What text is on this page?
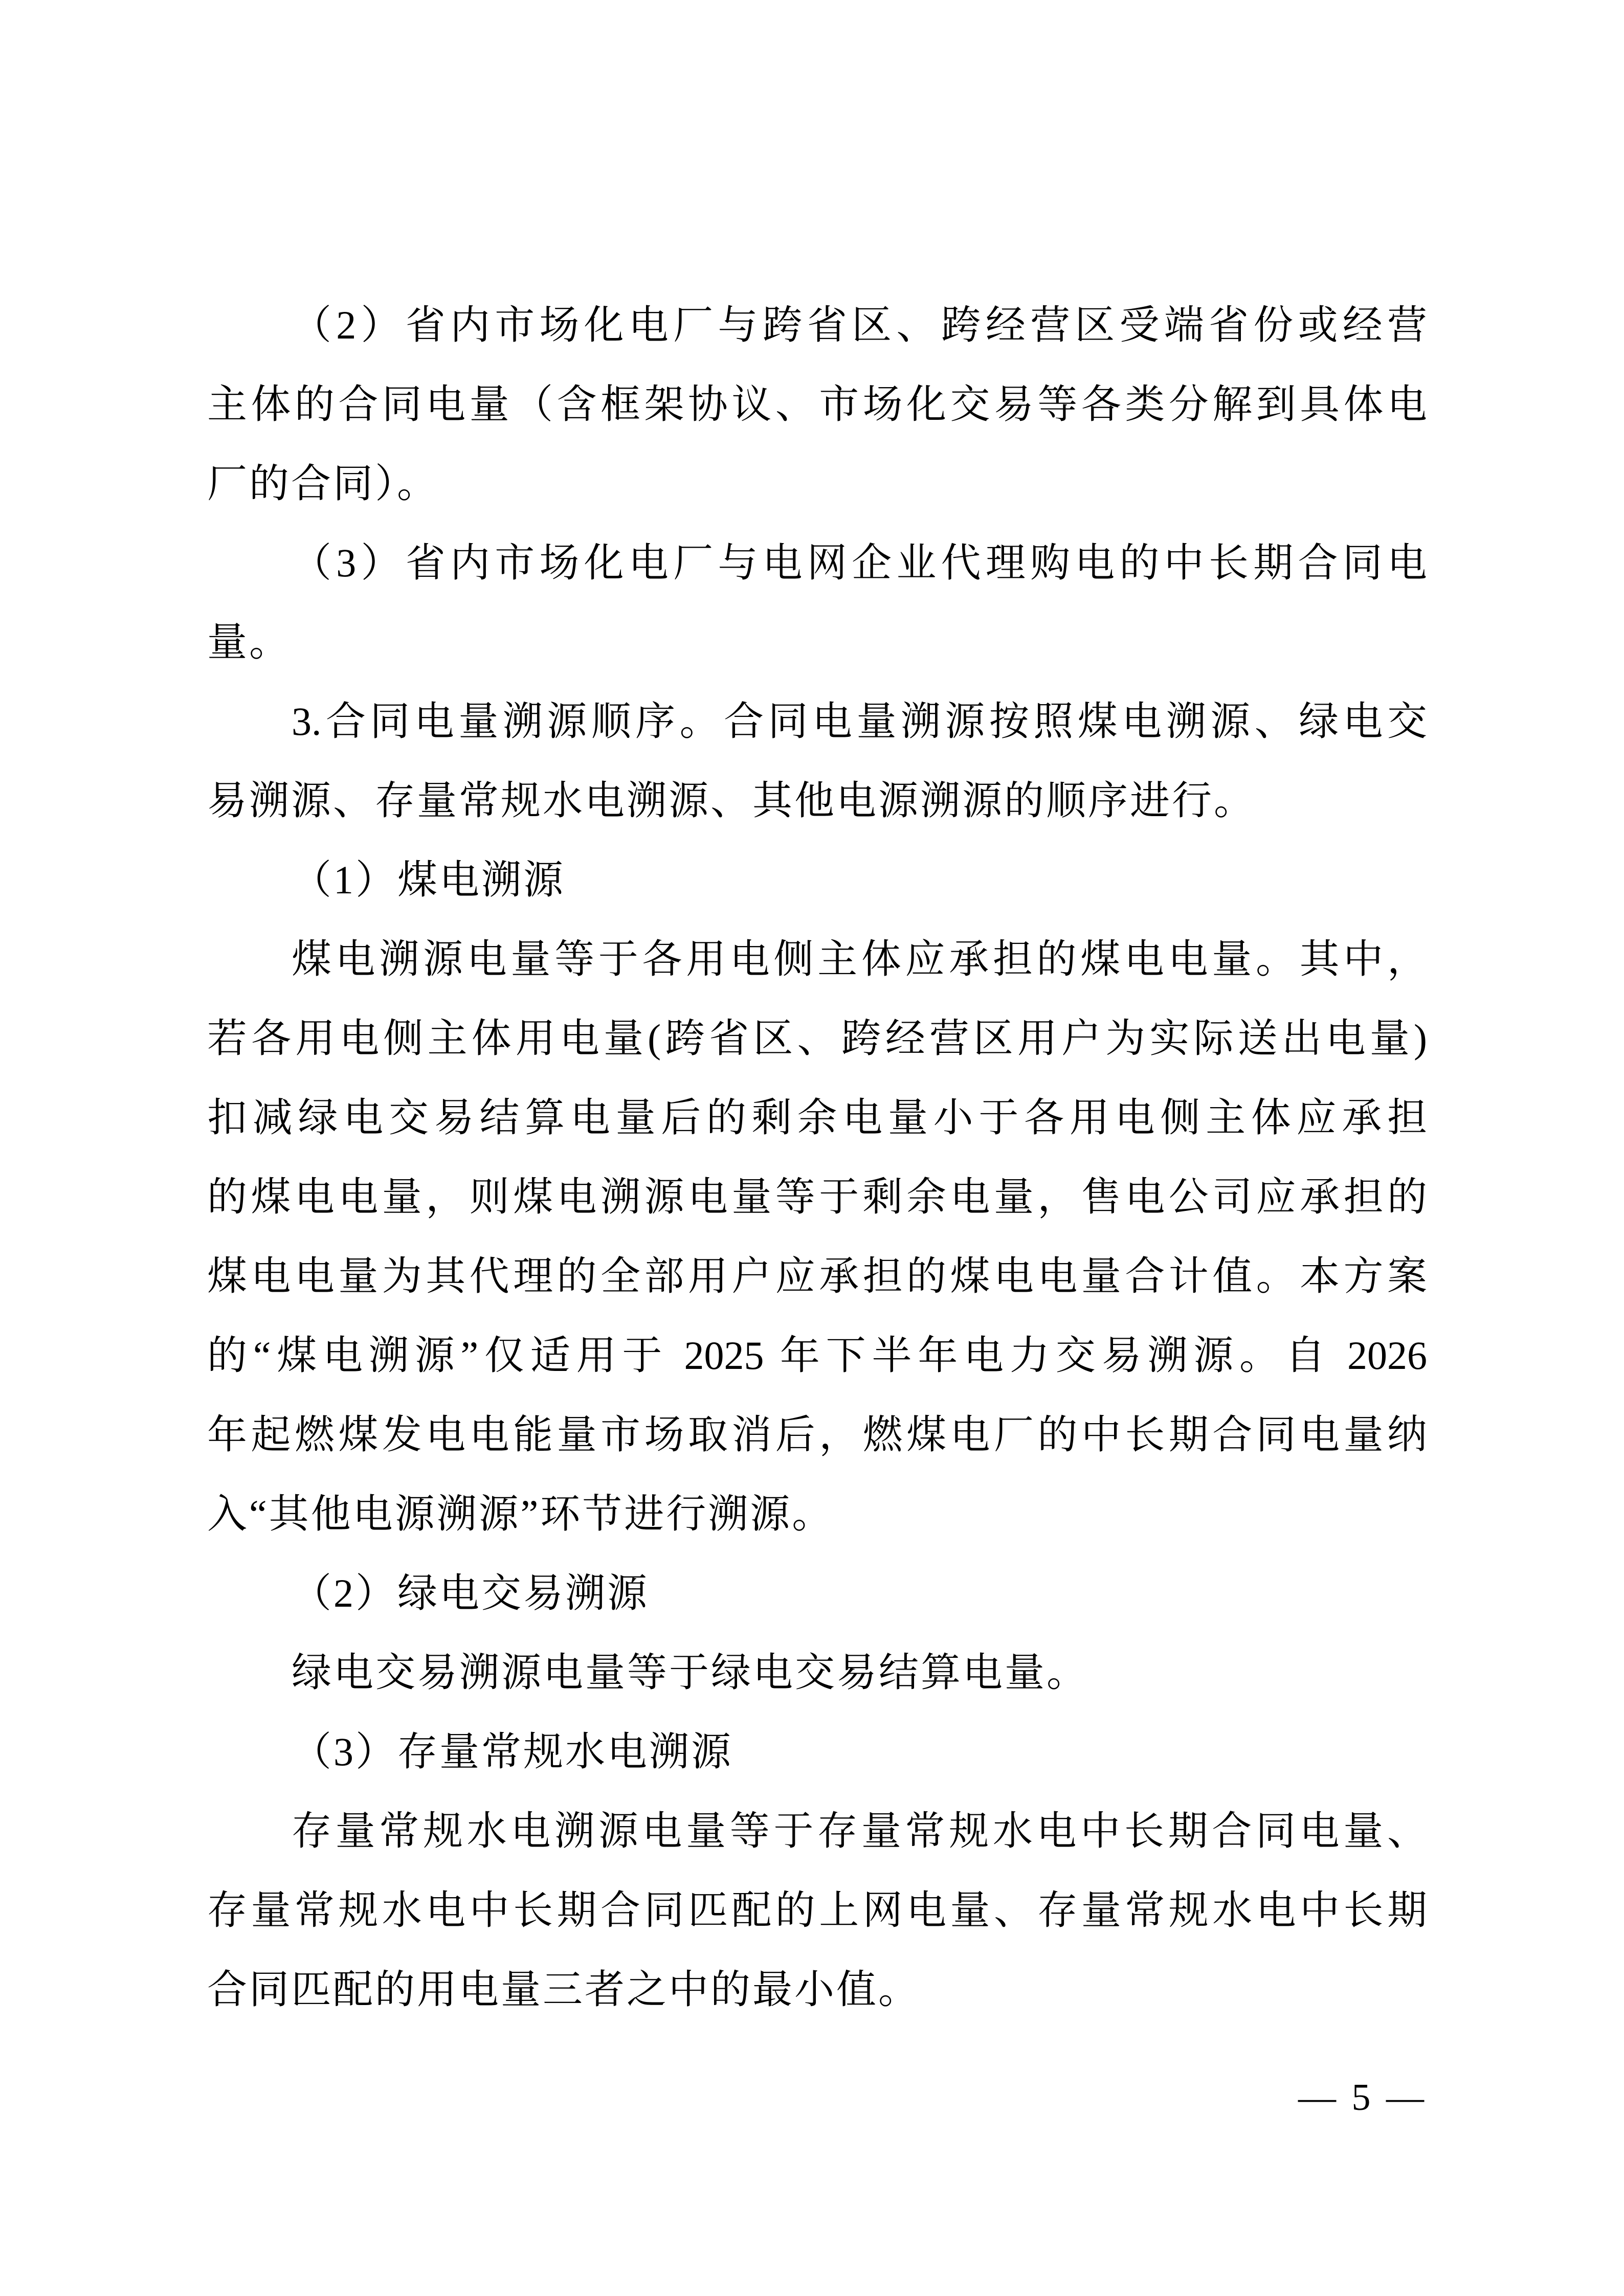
（2）省内市场化电厂与跨省区、跨经营区受端省份或经营
主体的合同电量（含框架协议、市场化交易等各类分解到具体电
厂的合同）。
（3）省内市场化电厂与电网企业代理购电的中长期合同电
量。
3.合同电量溯源顺序。合同电量溯源按照煤电溯源、绿电交
易溯源、存量常规水电溯源、其他电源溯源的顺序进行。
（1）煤电溯源
煤电溯源电量等于各用电侧主体应承担的煤电电量。其中，
若各用电侧主体用电量(跨省区、跨经营区用户为实际送出电量)
扣减绿电交易结算电量后的剩余电量小于各用电侧主体应承担
的煤电电量，则煤电溯源电量等于剩余电量，售电公司应承担的
煤电电量为其代理的全部用户应承担的煤电电量合计值。本方案
的“煤电溯源”仅适用于 2025 年下半年电力交易溯源。自 2026
年起燃煤发电电能量市场取消后，燃煤电厂的中长期合同电量纳
入“其他电源溯源”环节进行溯源。
（2）绿电交易溯源
绿电交易溯源电量等于绿电交易结算电量。
（3）存量常规水电溯源
存量常规水电溯源电量等于存量常规水电中长期合同电量、
存量常规水电中长期合同匹配的上网电量、存量常规水电中长期
合同匹配的用电量三者之中的最小值。
— 5 —
